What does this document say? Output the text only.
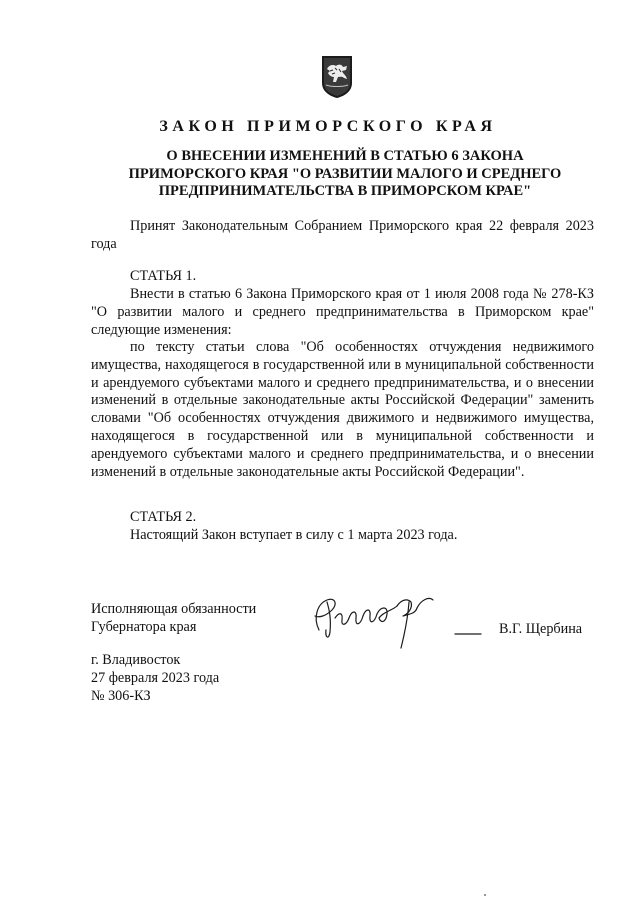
ЗАКОН ПРИМОРСКОГО КРАЯ
О ВНЕСЕНИИ ИЗМЕНЕНИЙ В СТАТЬЮ 6 ЗАКОНА
ПРИМОРСКОГО КРАЯ "О РАЗВИТИИ МАЛОГО И СРЕДНЕГО
ПРЕДПРИНИМАТЕЛЬСТВА В ПРИМОРСКОМ КРАЕ"

Принят Законодательным Собранием Приморского края 22 февраля 2023 года

СТАТЬЯ 1.

Внести в статью 6 Закона Приморского края от 1 июля 2008 года № 278-КЗ "О развитии малого и среднего предпринимательства в Приморском крае" следующие изменения:

по тексту статьи слова "Об особенностях отчуждения недвижимого имущества, находящегося в государственной или в муниципальной собственности и арендуемого субъектами малого и среднего предпринимательства, и о внесении изменений в отдельные законодательные акты Российской Федерации" заменить словами "Об особенностях отчуждения движимого и недвижимого имущества, находящегося в государственной или в муниципальной собственности и арендуемого субъектами малого и среднего предпринимательства, и о внесении изменений в отдельные законодательные акты Российской Федерации".

СТАТЬЯ 2.

Настоящий Закон вступает в силу с 1 марта 2023 года.

Исполняющая обязанности
Губернатора края	В.Г. Щербина

г. Владивосток
27 февраля 2023 года
№ 306-КЗ
